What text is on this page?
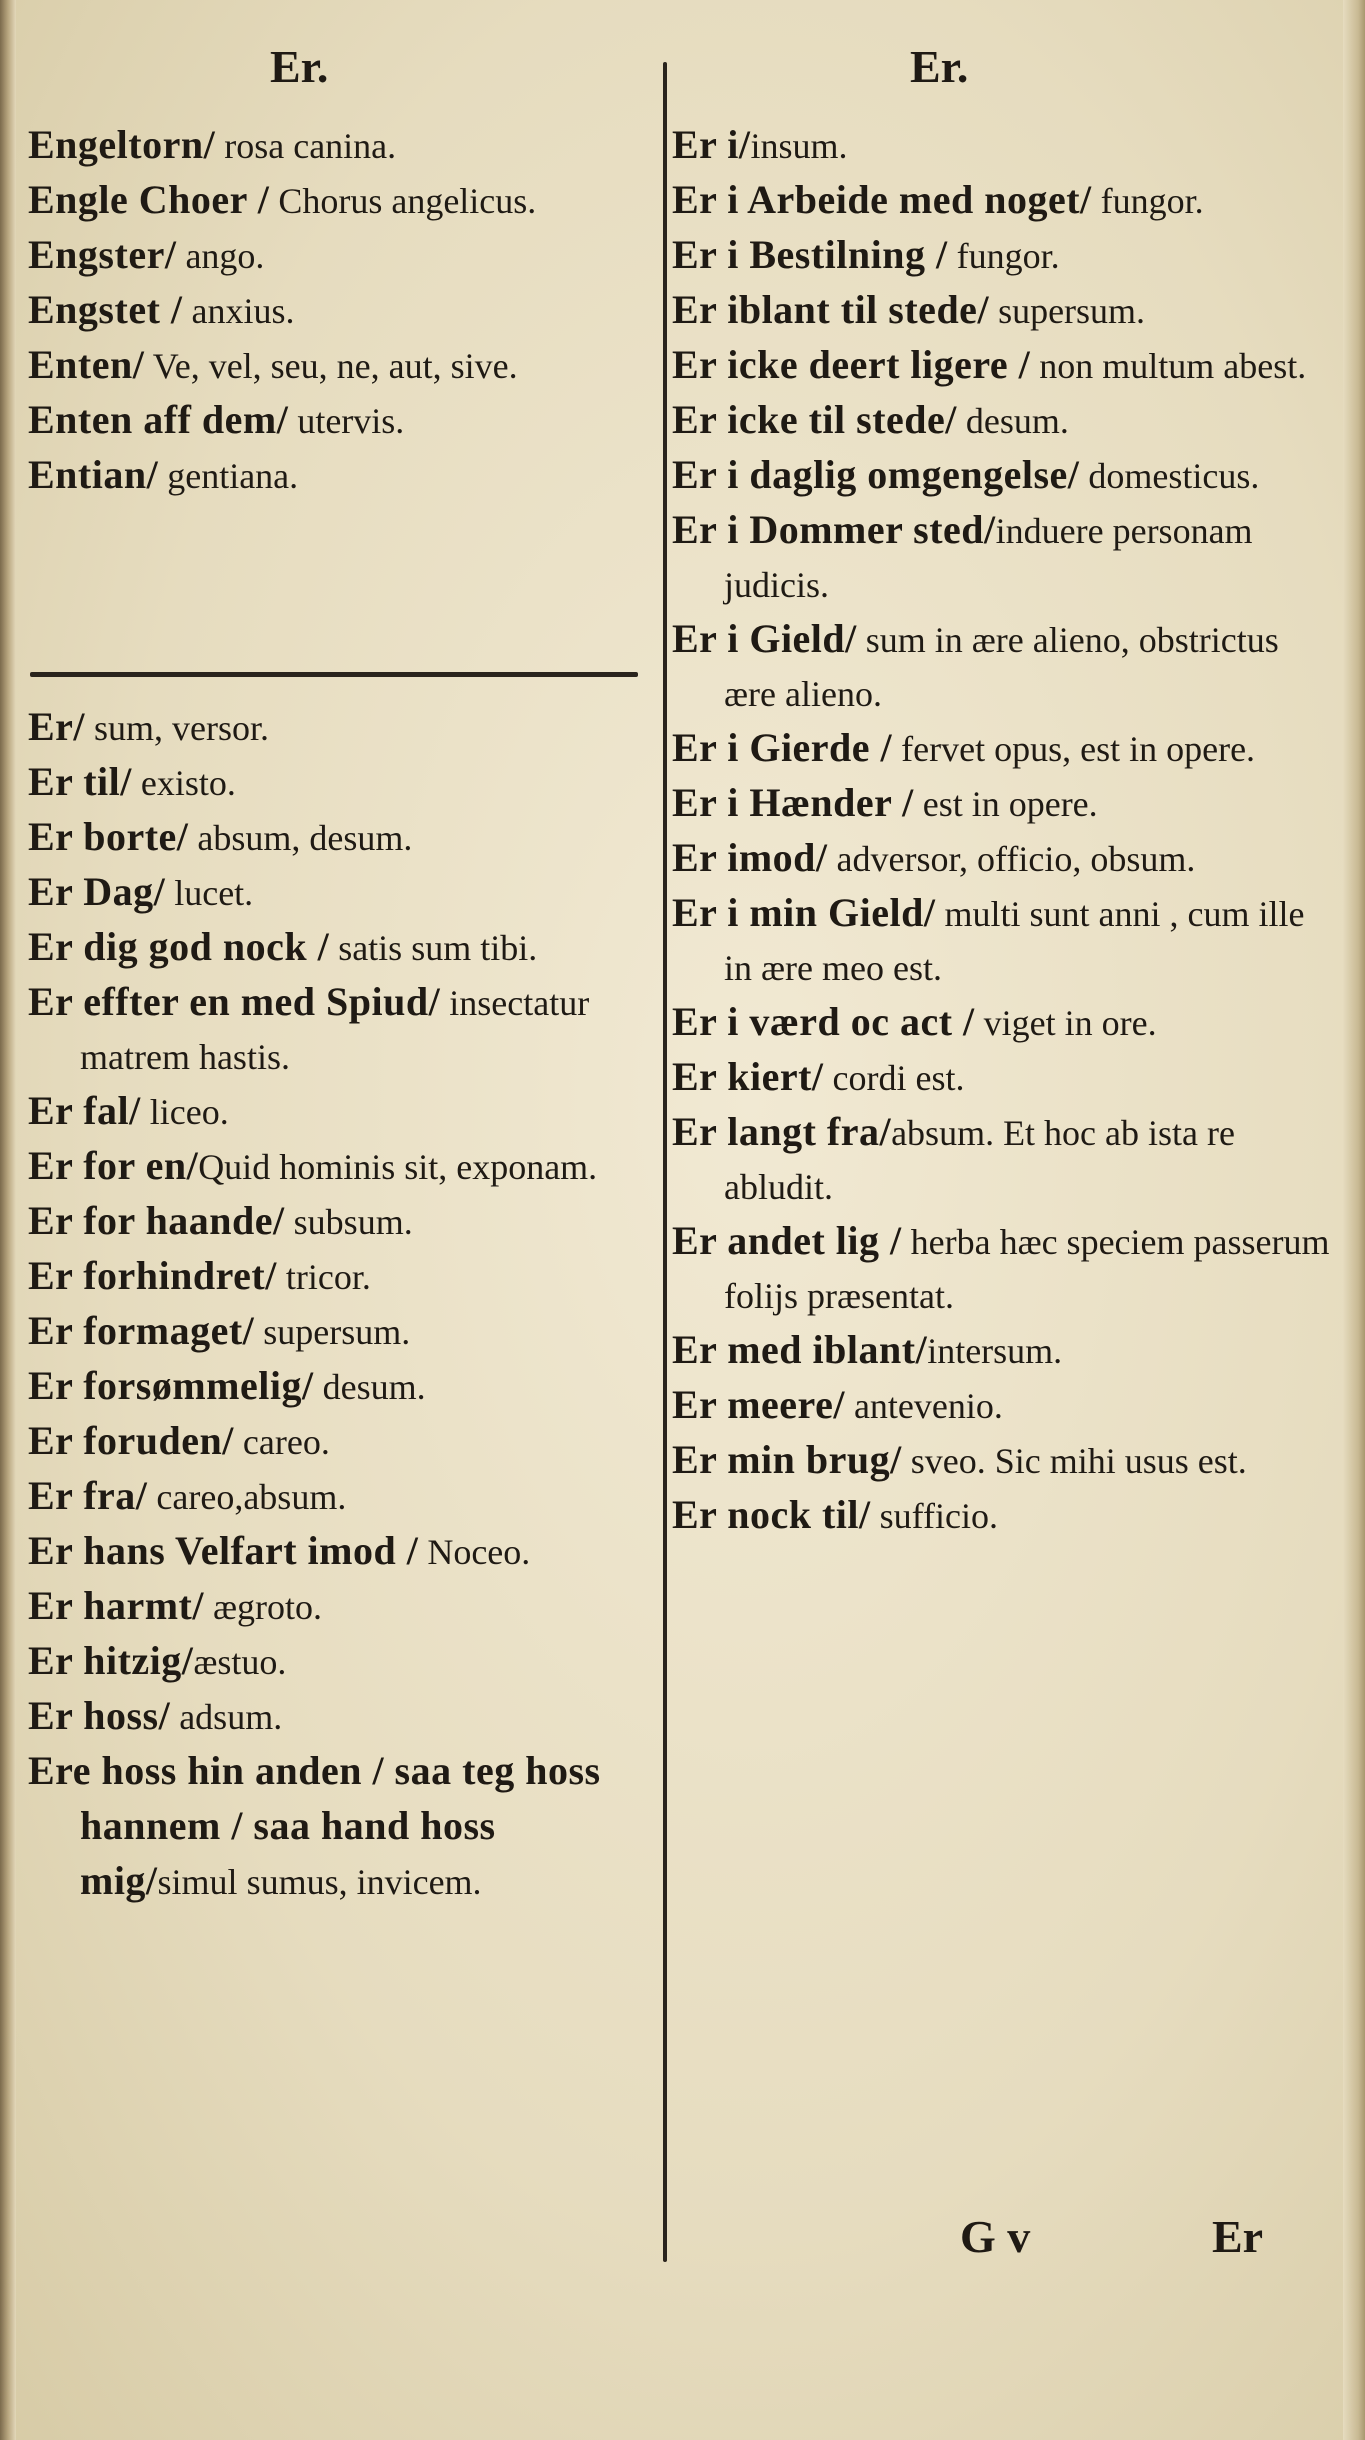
Er.	Er.

Engeltorn/ rosa canina.

Engle Choer / Chorus angelicus.

Engster/ ango.

Engstet / anxius.

Enten/ Ve, vel, seu, ne, aut, sive.

Enten aff dem/ utervis.

Entian/ gentiana.

Er/ sum, versor.

Er til/ existo.

Er borte/ absum, desum.

Er Dag/ lucet.

Er dig god nock / satis sum tibi.

Er effter en med Spiud/ insectatur matrem hastis.

Er fal/ liceo.

Er for en/Quid hominis sit, exponam.

Er for haande/ subsum.

Er forhindret/ tricor.

Er formaget/ supersum.

Er forsømmelig/ desum.

Er foruden/ careo.

Er fra/ careo,absum.

Er hans Velfart imod / Noceo.

Er harmt/ ægroto.

Er hitzig/æstuo.

Er hoss/ adsum.

Ere hoss hin anden / saa teg hoss hannem / saa hand hoss mig/simul sumus, invicem.

Er i/insum.

Er i Arbeide med noget/ fungor.

Er i Bestilning / fungor.

Er iblant til stede/ supersum.

Er icke deert ligere / non multum abest.

Er icke til stede/ desum.

Er i daglig omgengelse/ domesticus.

Er i Dommer sted/induere personam judicis.

Er i Gield/ sum in ære alieno, obstrictus ære alieno.

Er i Gierde / fervet opus, est in opere.

Er i Hænder / est in opere.

Er imod/ adversor, officio, obsum.

Er i min Gield/ multi sunt anni , cum ille in ære meo est.

Er i værd oc act / viget in ore.

Er kiert/ cordi est.

Er langt fra/absum. Et hoc ab ista re abludit.

Er andet lig / herba hæc speciem passerum folijs præsentat.

Er med iblant/intersum.

Er meere/ antevenio.

Er min brug/ sveo. Sic mihi usus est.

Er nock til/ sufficio.

G v	Er
